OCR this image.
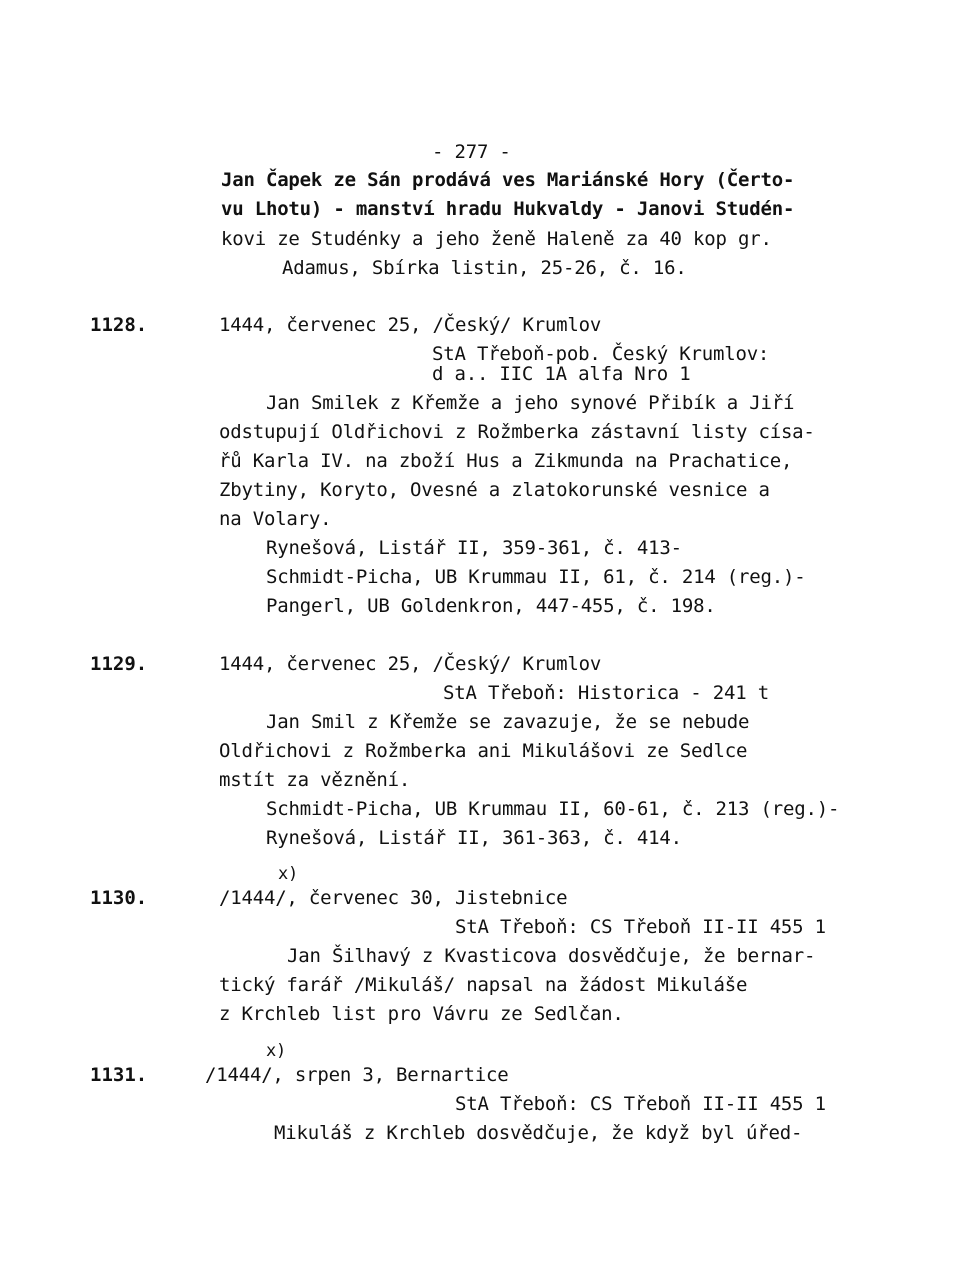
- 277 -
Jan Čapek ze Sán prodává ves Mariánské Hory (Čerto-
vu Lhotu) - manství hradu Hukvaldy - Janovi Studén-
kovi ze Studénky a jeho ženě Haleně za 40 kop gr.
Adamus, Sbírka listin, 25-26, č. 16.
1128.	1444, červenec 25, /Český/ Krumlov
StA Třeboň-pob. Český Krumlov:
d a.. IIC 1A alfa Nro 1
Jan Smilek z Křemže a jeho synové Přibík a Jiří
odstupují Oldřichovi z Rožmberka zástavní listy císa-
řů Karla IV. na zboží Hus a Zikmunda na Prachatice,
Zbytiny, Koryto, Ovesné a zlatokorunské vesnice a
na Volary.
Rynešová, Listář II, 359-361, č. 413-
Schmidt-Picha, UB Krummau II, 61, č. 214 (reg.)-
Pangerl, UB Goldenkron, 447-455, č. 198.
1129.	1444, červenec 25, /Český/ Krumlov
StA Třeboň: Historica - 241 t
Jan Smil z Křemže se zavazuje, že se nebude
Oldřichovi z Rožmberka ani Mikulášovi ze Sedlce
mstít za věznění.
Schmidt-Picha, UB Krummau II, 60-61, č. 213 (reg.)-
Rynešová, Listář II, 361-363, č. 414.
x)
1130.	/1444/, červenec 30, Jistebnice
StA Třeboň: CS Třeboň II-II 455 1
Jan Šilhavý z Kvasticova dosvědčuje, že bernar-
tický farář /Mikuláš/ napsal na žádost Mikuláše
z Krchleb list pro Vávru ze Sedlčan.
x)
1131.	/1444/, srpen 3, Bernartice
StA Třeboň: CS Třeboň II-II 455 1
Mikuláš z Krchleb dosvědčuje, že když byl úřed-
